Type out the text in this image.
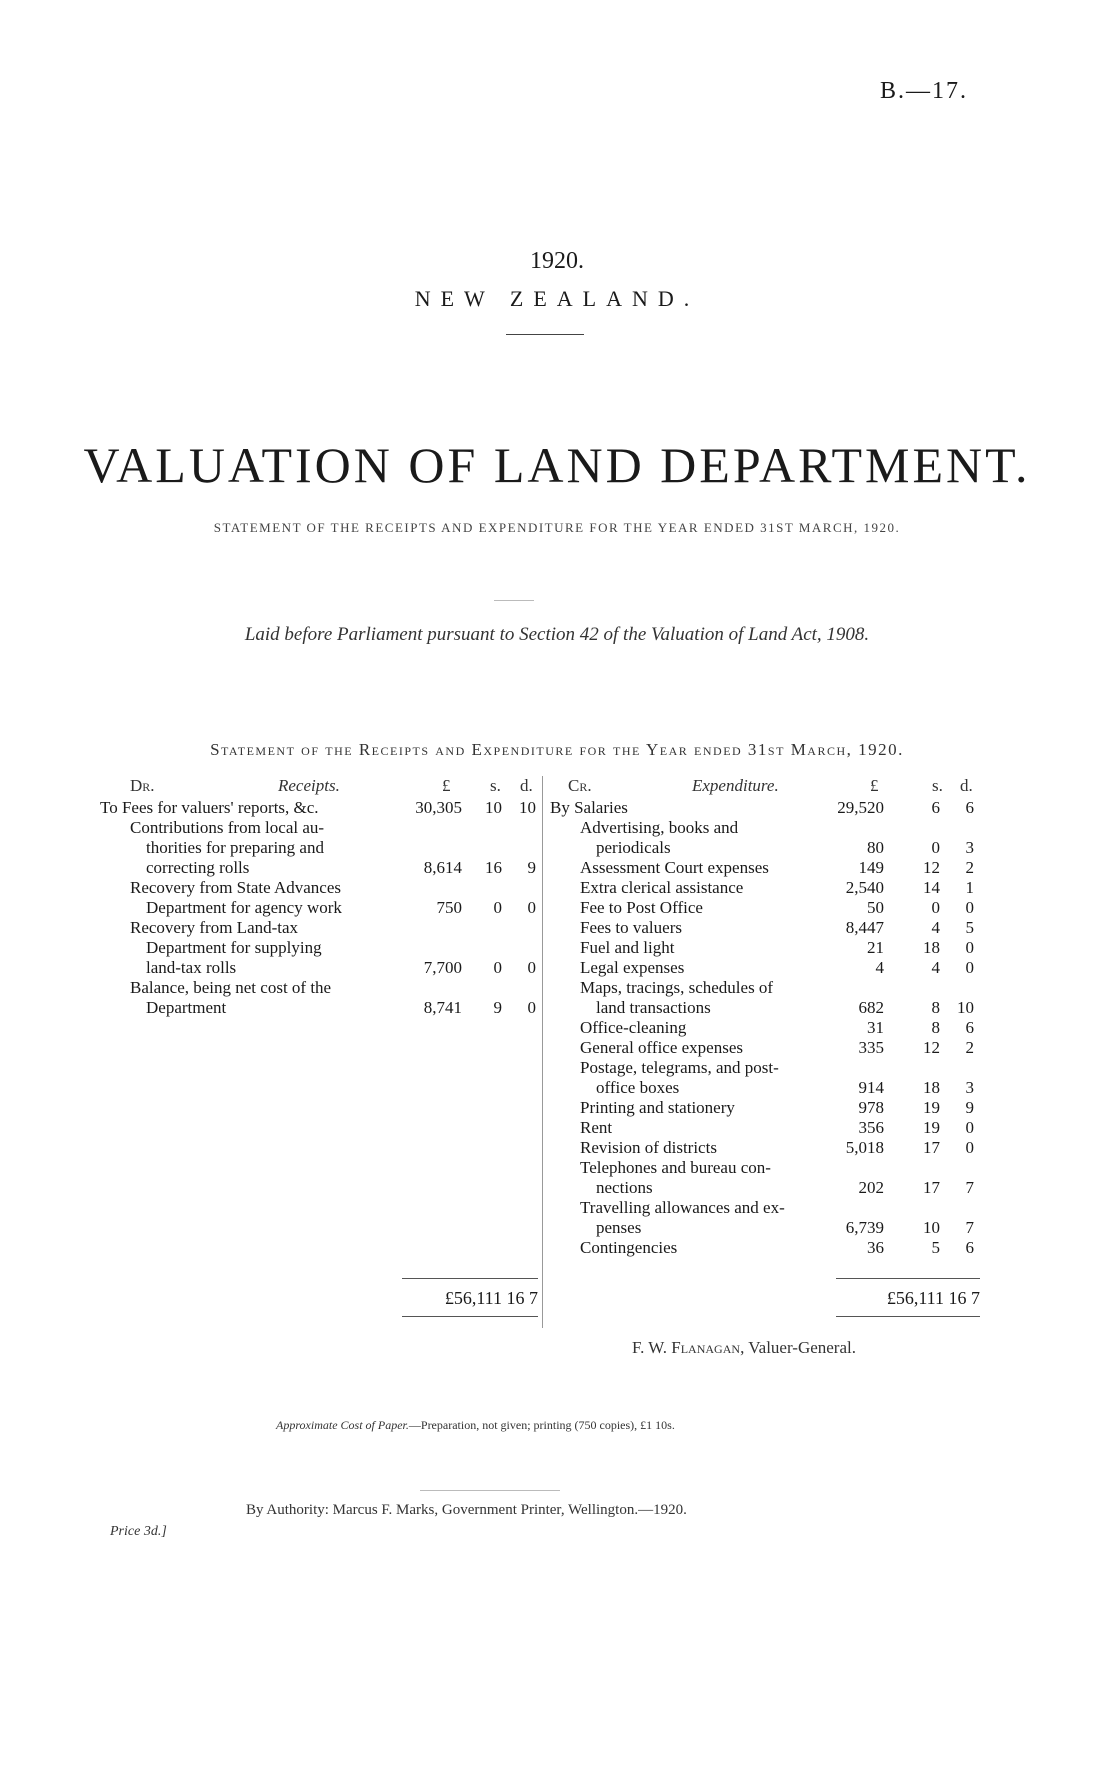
B.—17.
1920.
NEW ZEALAND.
VALUATION OF LAND DEPARTMENT.
STATEMENT OF THE RECEIPTS AND EXPENDITURE FOR THE YEAR ENDED 31ST MARCH, 1920.
Laid before Parliament pursuant to Section 42 of the Valuation of Land Act, 1908.
Statement of the Receipts and Expenditure for the Year ended 31st March, 1920.
Dr.	Receipts.	£ s. d. Cr.	Expenditure.	£	s. d.
To Fees for valuers' reports, &c.	30,305	10	10
Contributions from local au-
thorities for preparing and
correcting rolls	8,614	16	9
Recovery from State Advances
Department for agency work	750	0	0
Recovery from Land-tax
Department for supplying
land-tax rolls	7,700	0	0
Balance, being net cost of the
Department	8,741	9	0
By Salaries	29,520	6	6
Advertising, books and
periodicals	80	0	3
Assessment Court expenses	149	12	2
Extra clerical assistance	2,540	14	1
Fee to Post Office	50	0	0
Fees to valuers	8,447	4	5
Fuel and light	21	18	0
Legal expenses	4	4	0
Maps, tracings, schedules of
land transactions	682	8	10
Office-cleaning	31	8	6
General office expenses	335	12	2
Postage, telegrams, and post-
office boxes	914	18	3
Printing and stationery	978	19	9
Rent	356	19	0
Revision of districts	5,018	17	0
Telephones and bureau con-
nections	202	17	7
Travelling allowances and ex-
penses	6,739	10	7
Contingencies	36	5	6
£56,111 16 7	£56,111 16 7
F. W. Flanagan, Valuer-General.
Approximate Cost of Paper.—Preparation, not given; printing (750 copies), £1 10s.
By Authority: Marcus F. Marks, Government Printer, Wellington.—1920.
Price 3d.]
